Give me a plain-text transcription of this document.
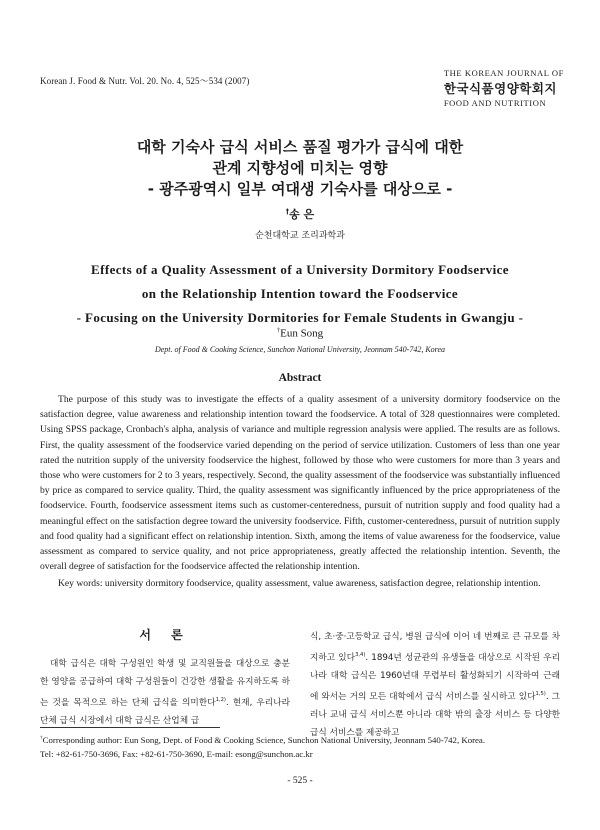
Korean J. Food & Nutr. Vol. 20. No. 4, 525～534 (2007)
THE KOREAN JOURNAL OF
한국식품영양학회지
FOOD AND NUTRITION
대학 기숙사 급식 서비스 품질 평가가 급식에 대한
관계 지향성에 미치는 영향
- 광주광역시 일부 여대생 기숙사를 대상으로 -
†송 은
순천대학교 조리과학과
Effects of a Quality Assessment of a University Dormitory Foodservice
on the Relationship Intention toward the Foodservice
- Focusing on the University Dormitories for Female Students in Gwangju -
†Eun Song
Dept. of Food & Cooking Science, Sunchon National University, Jeonnam 540-742, Korea
Abstract

The purpose of this study was to investigate the effects of a quality assesment of a university dormitory foodservice on the satisfaction degree, value awareness and relationship intention toward the foodservice. A total of 328 questionnaires were completed. Using SPSS package, Cronbach's alpha, analysis of variance and multiple regression analysis were applied. The results are as follows. First, the quality assessment of the foodservice varied depending on the period of service utilization. Customers of less than one year rated the nutrition supply of the university foodservice the highest, followed by those who were customers for more than 3 years and those who were customers for 2 to 3 years, respectively. Second, the quality assessment of the foodservice was substantially influenced by price as compared to service quality. Third, the quality assessment was significantly influenced by the price appropriateness of the foodservice. Fourth, foodservice assessment items such as customer-centeredness, pursuit of nutrition supply and food quality had a meaningful effect on the satisfaction degree toward the university foodservice. Fifth, customer-centeredness, pursuit of nutrition supply and food quality had a significant effect on relationship intention. Sixth, among the items of value awareness for the foodservice, value assessment as compared to service quality, and not price appropriateness, greatly affected the relationship intention. Seventh, the overall degree of satisfaction for the foodservice affected the relationship intention.

Key words: university dormitory foodservice, quality assessment, value awareness, satisfaction degree, relationship intention.

서 론

대학 급식은 대학 구성원인 학생 및 교직원들을 대상으로 충분한 영양을 공급하여 대학 구성원들이 건강한 생활을 유지하도록 하는 것을 목적으로 하는 단체 급식을 의미한다$^{1,2)}$. 현재, 우리나라 단체 급식 시장에서 대학 급식은 산업체 급

식, 초·중·고등학교 급식, 병원 급식에 이어 네 번째로 큰 규모를 차지하고 있다$^{3,4)}$. 1894년 성균관의 유생들을 대상으로 시작된 우리나라 대학 급식은 1960년대 무렵부터 활성화되기 시작하여 근래에 와서는 거의 모든 대학에서 급식 서비스를 실시하고 있다$^{1,5)}$. 그러나 교내 급식 서비스뿐 아니라 대학 밖의 출장 서비스 등 다양한 급식 서비스를 제공하고

†Corresponding author: Eun Song, Dept. of Food & Cooking Science, Sunchon National University, Jeonnam 540-742, Korea.
Tel: +82-61-750-3696, Fax: +82-61-750-3690, E-mail: esong@sunchon.ac.kr
- 525 -
